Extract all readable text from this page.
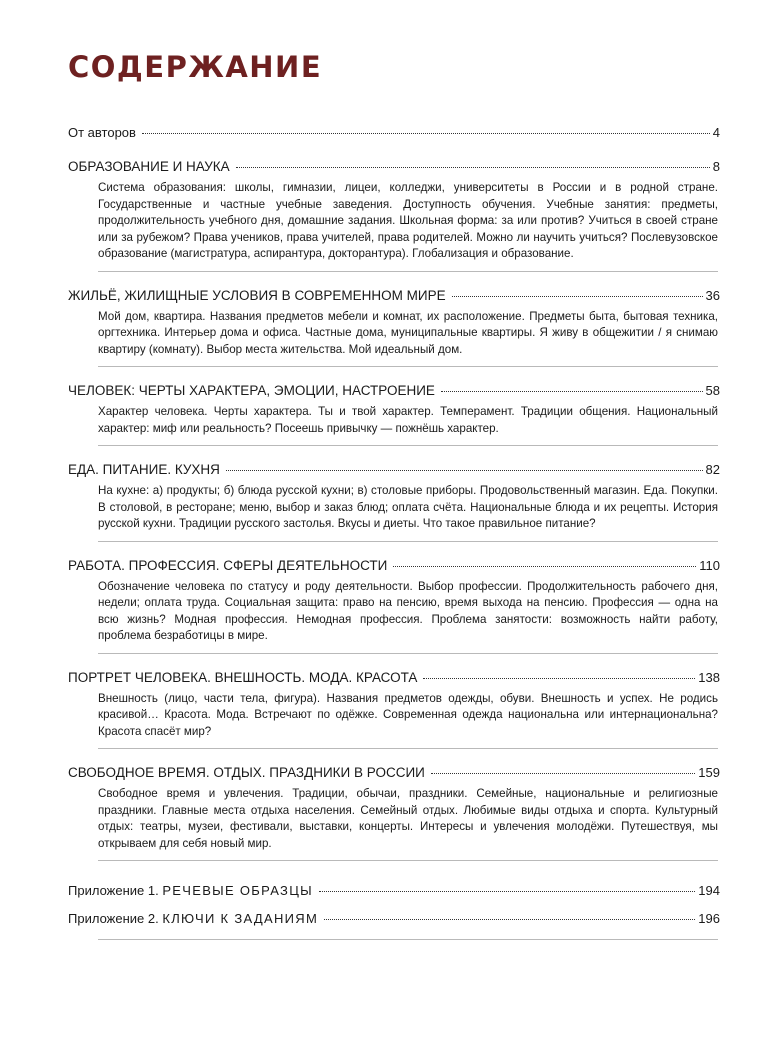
СОДЕРЖАНИЕ
От авторов	4
ОБРАЗОВАНИЕ И НАУКА	8
Система образования: школы, гимназии, лицеи, колледжи, университеты в России и в родной стране. Государственные и частные учебные заведения. Доступность обучения. Учебные занятия: предметы, продолжительность учебного дня, домашние задания. Школьная форма: за или против? Учиться в своей стране или за рубежом? Права учеников, права учителей, права родителей. Можно ли научить учиться? Послевузовское образование (магистратура, аспирантура, докторантура). Глобализация и образование.
ЖИЛЬЁ, ЖИЛИЩНЫЕ УСЛОВИЯ В СОВРЕМЕННОМ МИРЕ	36
Мой дом, квартира. Названия предметов мебели и комнат, их расположение. Предметы быта, бытовая техника, оргтехника. Интерьер дома и офиса. Частные дома, муниципальные квартиры. Я живу в общежитии / я снимаю квартиру (комнату). Выбор места жительства. Мой идеальный дом.
ЧЕЛОВЕК: ЧЕРТЫ ХАРАКТЕРА, ЭМОЦИИ, НАСТРОЕНИЕ	58
Характер человека. Черты характера. Ты и твой характер. Темперамент. Традиции общения. Национальный характер: миф или реальность? Посеешь привычку — пожнёшь характер.
ЕДА. ПИТАНИЕ. КУХНЯ	82
На кухне: а) продукты; б) блюда русской кухни; в) столовые приборы. Продовольственный магазин. Еда. Покупки. В столовой, в ресторане; меню, выбор и заказ блюд; оплата счёта. Национальные блюда и их рецепты. История русской кухни. Традиции русского застолья. Вкусы и диеты. Что такое правильное питание?
РАБОТА. ПРОФЕССИЯ. СФЕРЫ ДЕЯТЕЛЬНОСТИ	110
Обозначение человека по статусу и роду деятельности. Выбор профессии. Продолжительность рабочего дня, недели; оплата труда. Социальная защита: право на пенсию, время выхода на пенсию. Профессия — одна на всю жизнь? Модная профессия. Немодная профессия. Проблема занятости: возможность найти работу, проблема безработицы в мире.
ПОРТРЕТ ЧЕЛОВЕКА. ВНЕШНОСТЬ. МОДА. КРАСОТА	138
Внешность (лицо, части тела, фигура). Названия предметов одежды, обуви. Внешность и успех. Не родись красивой… Красота. Мода. Встречают по одёжке. Современная одежда национальна или интернациональна? Красота спасёт мир?
СВОБОДНОЕ ВРЕМЯ. ОТДЫХ. ПРАЗДНИКИ В РОССИИ	159
Свободное время и увлечения. Традиции, обычаи, праздники. Семейные, национальные и религиозные праздники. Главные места отдыха населения. Семейный отдых. Любимые виды отдыха и спорта. Культурный отдых: театры, музеи, фестивали, выставки, концерты. Интересы и увлечения молодёжи. Путешествуя, мы открываем для себя новый мир.
Приложение 1. РЕЧЕВЫЕ ОБРАЗЦЫ	194
Приложение 2. КЛЮЧИ К ЗАДАНИЯМ	196
